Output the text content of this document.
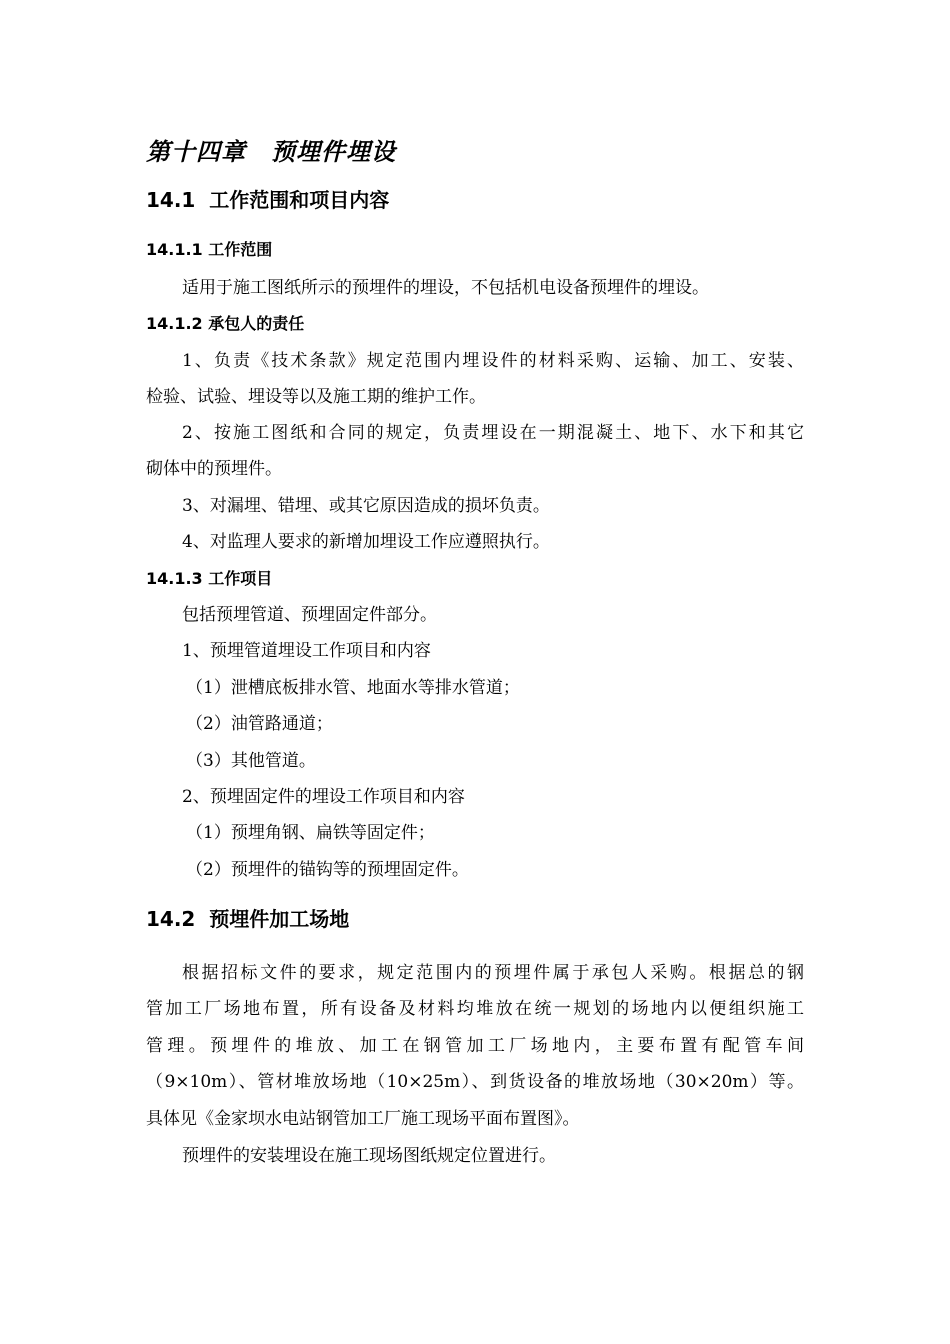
第十四章　预埋件埋设
14.1  工作范围和项目内容
14.1.1 工作范围
适用于施工图纸所示的预埋件的埋设，不包括机电设备预埋件的埋设。
14.1.2 承包人的责任
1、负责《技术条款》规定范围内埋设件的材料采购、运输、加工、安装、
检验、试验、埋设等以及施工期的维护工作。
2、按施工图纸和合同的规定，负责埋设在一期混凝土、地下、水下和其它
砌体中的预埋件。
3、对漏埋、错埋、或其它原因造成的损坏负责。
4、对监理人要求的新增加埋设工作应遵照执行。
14.1.3 工作项目
包括预埋管道、预埋固定件部分。
1、预埋管道埋设工作项目和内容
（1）泄槽底板排水管、地面水等排水管道；
（2）油管路通道；
（3）其他管道。
2、预埋固定件的埋设工作项目和内容
（1）预埋角钢、扁铁等固定件；
（2）预埋件的锚钩等的预埋固定件。
14.2  预埋件加工场地
根据招标文件的要求，规定范围内的预埋件属于承包人采购。根据总的钢
管加工厂场地布置，所有设备及材料均堆放在统一规划的场地内以便组织施工
管理。预埋件的堆放、加工在钢管加工厂场地内，主要布置有配管车间
（9×10m）、管材堆放场地（10×25m）、到货设备的堆放场地（30×20m）等。
具体见《金家坝水电站钢管加工厂施工现场平面布置图》。
预埋件的安装埋设在施工现场图纸规定位置进行。
